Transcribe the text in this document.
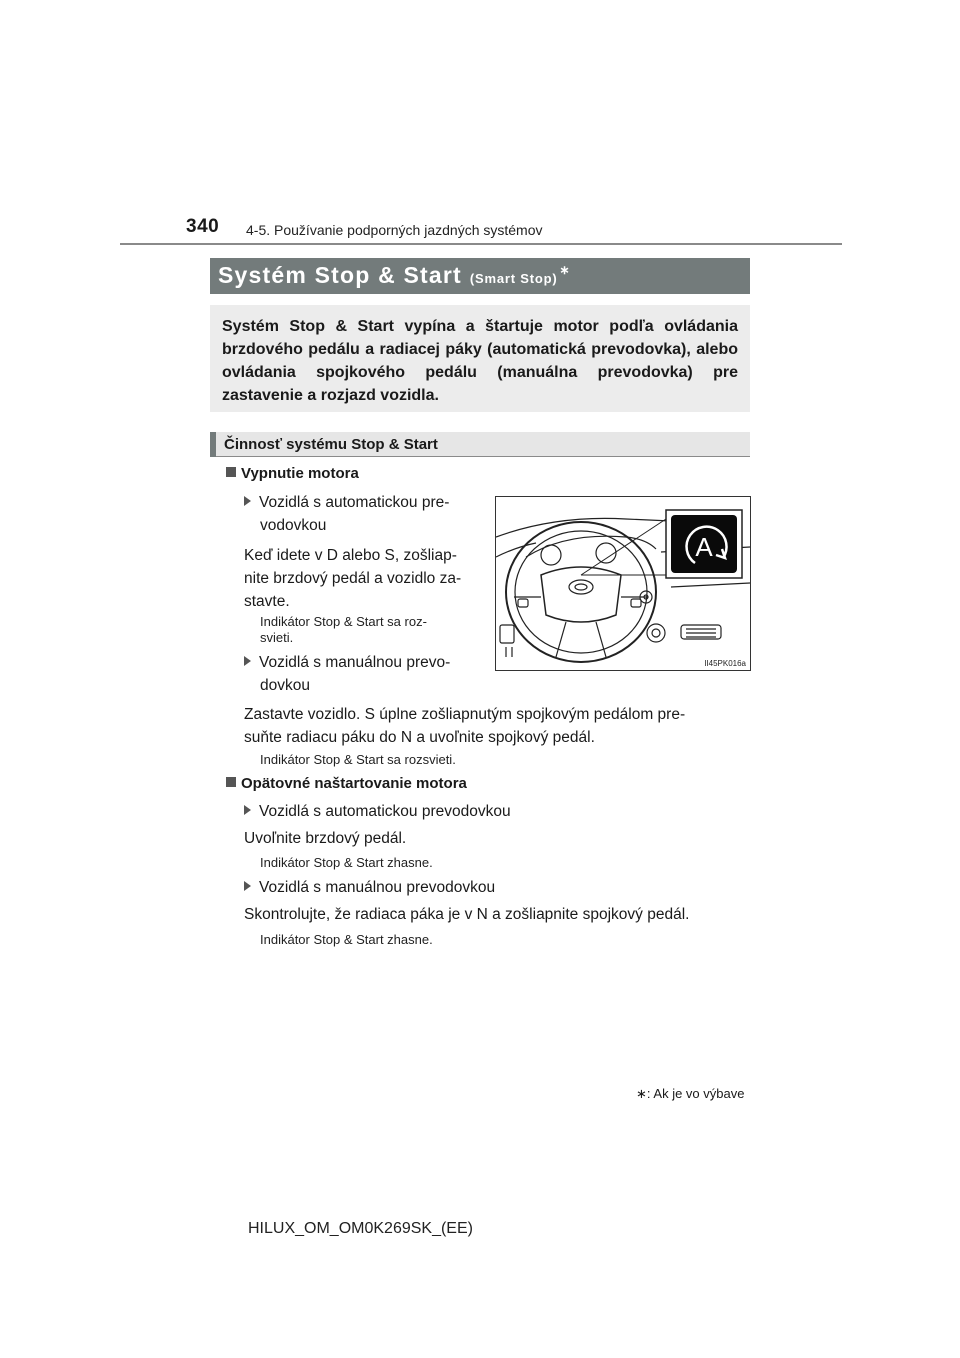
340 4-5. Používanie podporných jazdných systémov
Systém Stop & Start (Smart Stop)∗
Systém Stop & Start vypína a štartuje motor podľa ovládania brzdového pedálu a radiacej páky (automatická prevodovka), alebo ovládania spojkového pedálu (manuálna prevodovka) pre zastavenie a rozjazd vozidla.
Činnosť systému Stop & Start
Vypnutie motora
Vozidlá s automatickou pre-
vodovkou
Keď idete v D alebo S, zošliap-
nite brzdový pedál a vozidlo za-
stavte.
Indikátor Stop & Start sa roz-
svieti.
Vozidlá s manuálnou prevo-
dovkou
Zastavte vozidlo. S úplne zošliapnutým spojkovým pedálom pre-
suňte radiacu páku do N a uvoľnite spojkový pedál.
Indikátor Stop & Start sa rozsvieti.
A
II45PK016a
Opätovné naštartovanie motora
Vozidlá s automatickou prevodovkou
Uvoľnite brzdový pedál.
Indikátor Stop & Start zhasne.
Vozidlá s manuálnou prevodovkou
Skontrolujte, že radiaca páka je v N a zošliapnite spojkový pedál.
Indikátor Stop & Start zhasne.
∗: Ak je vo výbave
HILUX_OM_OM0K269SK_(EE)
